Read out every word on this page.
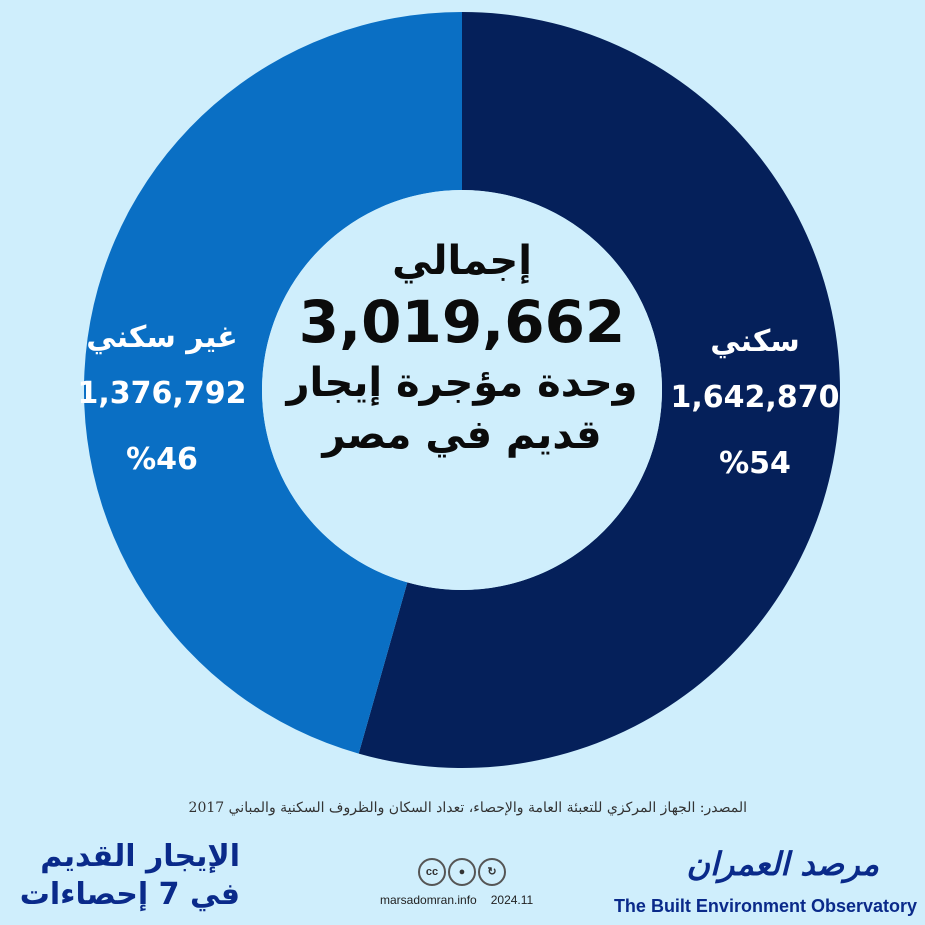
إجمالي
3,019,662
وحدة مؤجرة إيجار
قديم في مصر
سكني
1,642,870
%54
غير سكني
1,376,792
%46
المصدر: الجهاز المركزي للتعبئة العامة والإحصاء، تعداد السكان والظروف السكنية والمباني 2017
الإيجار القديم
في 7 إحصاءات
cc ● ↻
marsadomran.info 2024.11
مرصد العمران
The Built Environment Observatory
